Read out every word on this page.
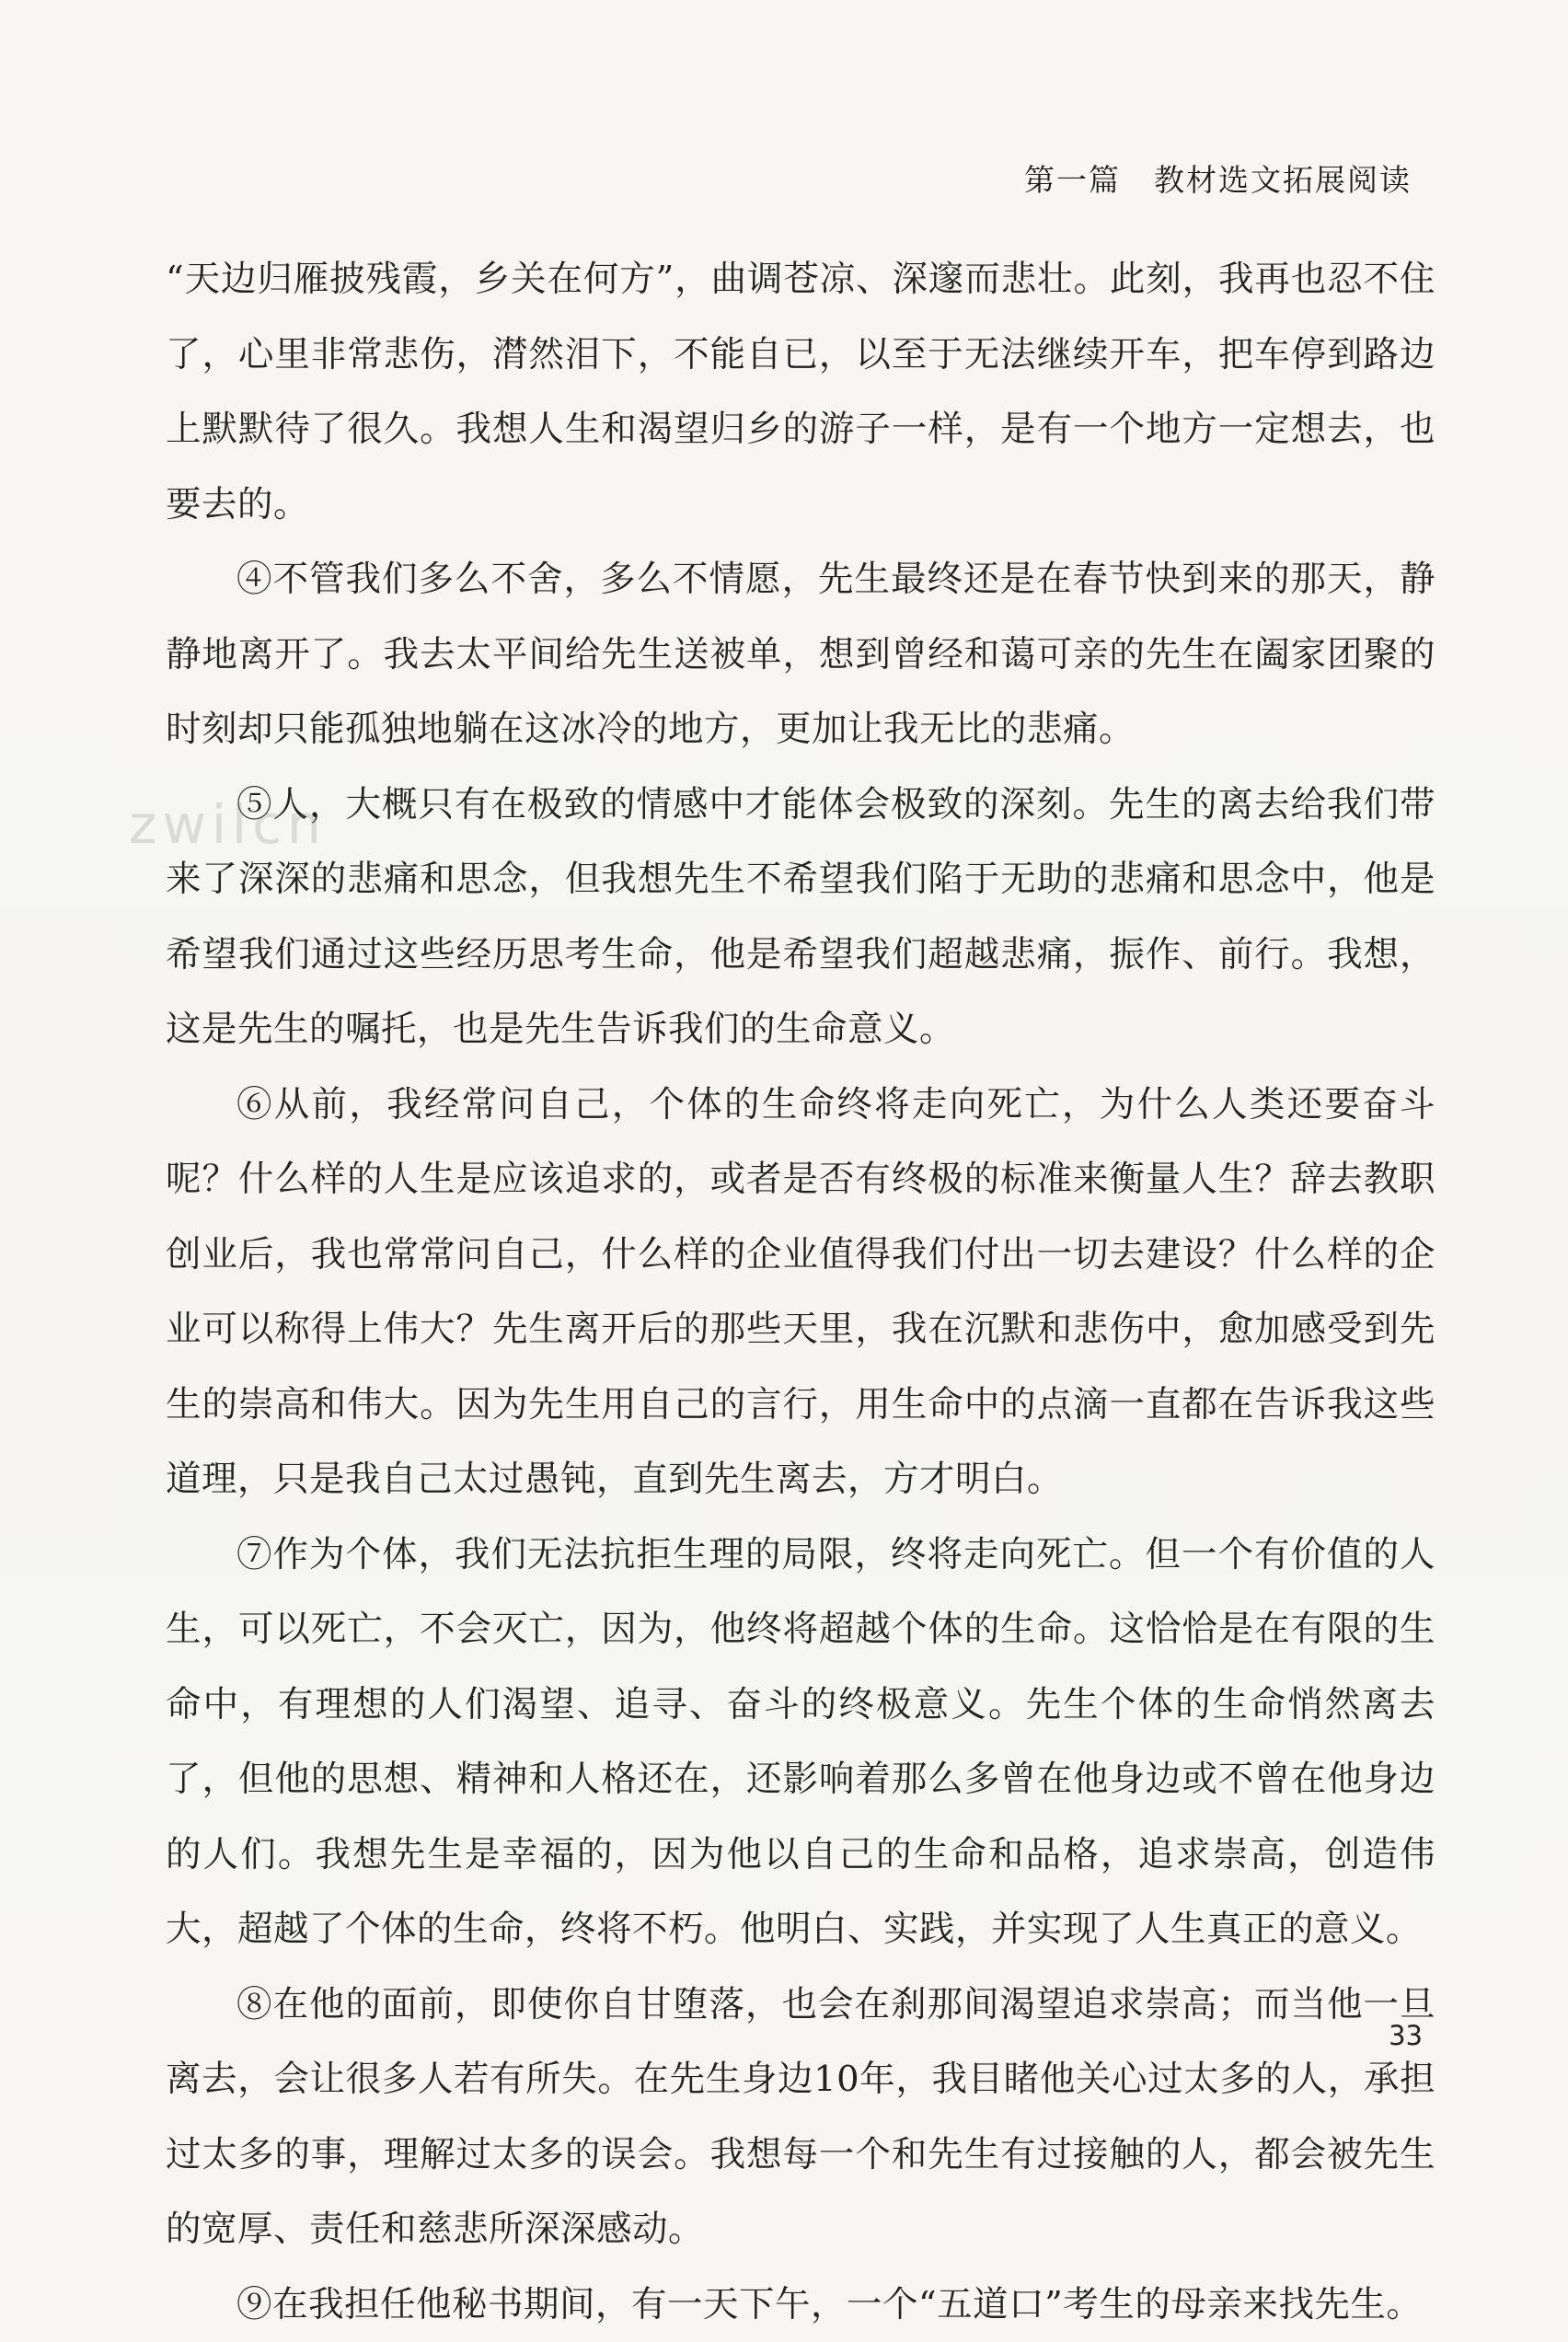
第一篇 教材选文拓展阅读

“天边归雁披残霞，乡关在何方”，曲调苍凉、深邃而悲壮。此刻，我再也忍不住了，心里非常悲伤，潸然泪下，不能自已，以至于无法继续开车，把车停到路边上默默待了很久。我想人生和渴望归乡的游子一样，是有一个地方一定想去，也要去的。

④不管我们多么不舍，多么不情愿，先生最终还是在春节快到来的那天，静静地离开了。我去太平间给先生送被单，想到曾经和蔼可亲的先生在阖家团聚的时刻却只能孤独地躺在这冰冷的地方，更加让我无比的悲痛。

⑤人，大概只有在极致的情感中才能体会极致的深刻。先生的离去给我们带来了深深的悲痛和思念，但我想先生不希望我们陷于无助的悲痛和思念中，他是希望我们通过这些经历思考生命，他是希望我们超越悲痛，振作、前行。我想，这是先生的嘱托，也是先生告诉我们的生命意义。

⑥从前，我经常问自己，个体的生命终将走向死亡，为什么人类还要奋斗呢？什么样的人生是应该追求的，或者是否有终极的标准来衡量人生？辞去教职创业后，我也常常问自己，什么样的企业值得我们付出一切去建设？什么样的企业可以称得上伟大？先生离开后的那些天里，我在沉默和悲伤中，愈加感受到先生的崇高和伟大。因为先生用自己的言行，用生命中的点滴一直都在告诉我这些道理，只是我自己太过愚钝，直到先生离去，方才明白。

⑦作为个体，我们无法抗拒生理的局限，终将走向死亡。但一个有价值的人生，可以死亡，不会灭亡，因为，他终将超越个体的生命。这恰恰是在有限的生命中，有理想的人们渴望、追寻、奋斗的终极意义。先生个体的生命悄然离去了，但他的思想、精神和人格还在，还影响着那么多曾在他身边或不曾在他身边的人们。我想先生是幸福的，因为他以自己的生命和品格，追求崇高，创造伟大，超越了个体的生命，终将不朽。他明白、实践，并实现了人生真正的意义。

⑧在他的面前，即使你自甘堕落，也会在刹那间渴望追求崇高；而当他一旦离去，会让很多人若有所失。在先生身边10年，我目睹他关心过太多的人，承担过太多的事，理解过太多的误会。我想每一个和先生有过接触的人，都会被先生的宽厚、责任和慈悲所深深感动。

⑨在我担任他秘书期间，有一天下午，一个“五道口”考生的母亲来找先生。

zwilcn
33
